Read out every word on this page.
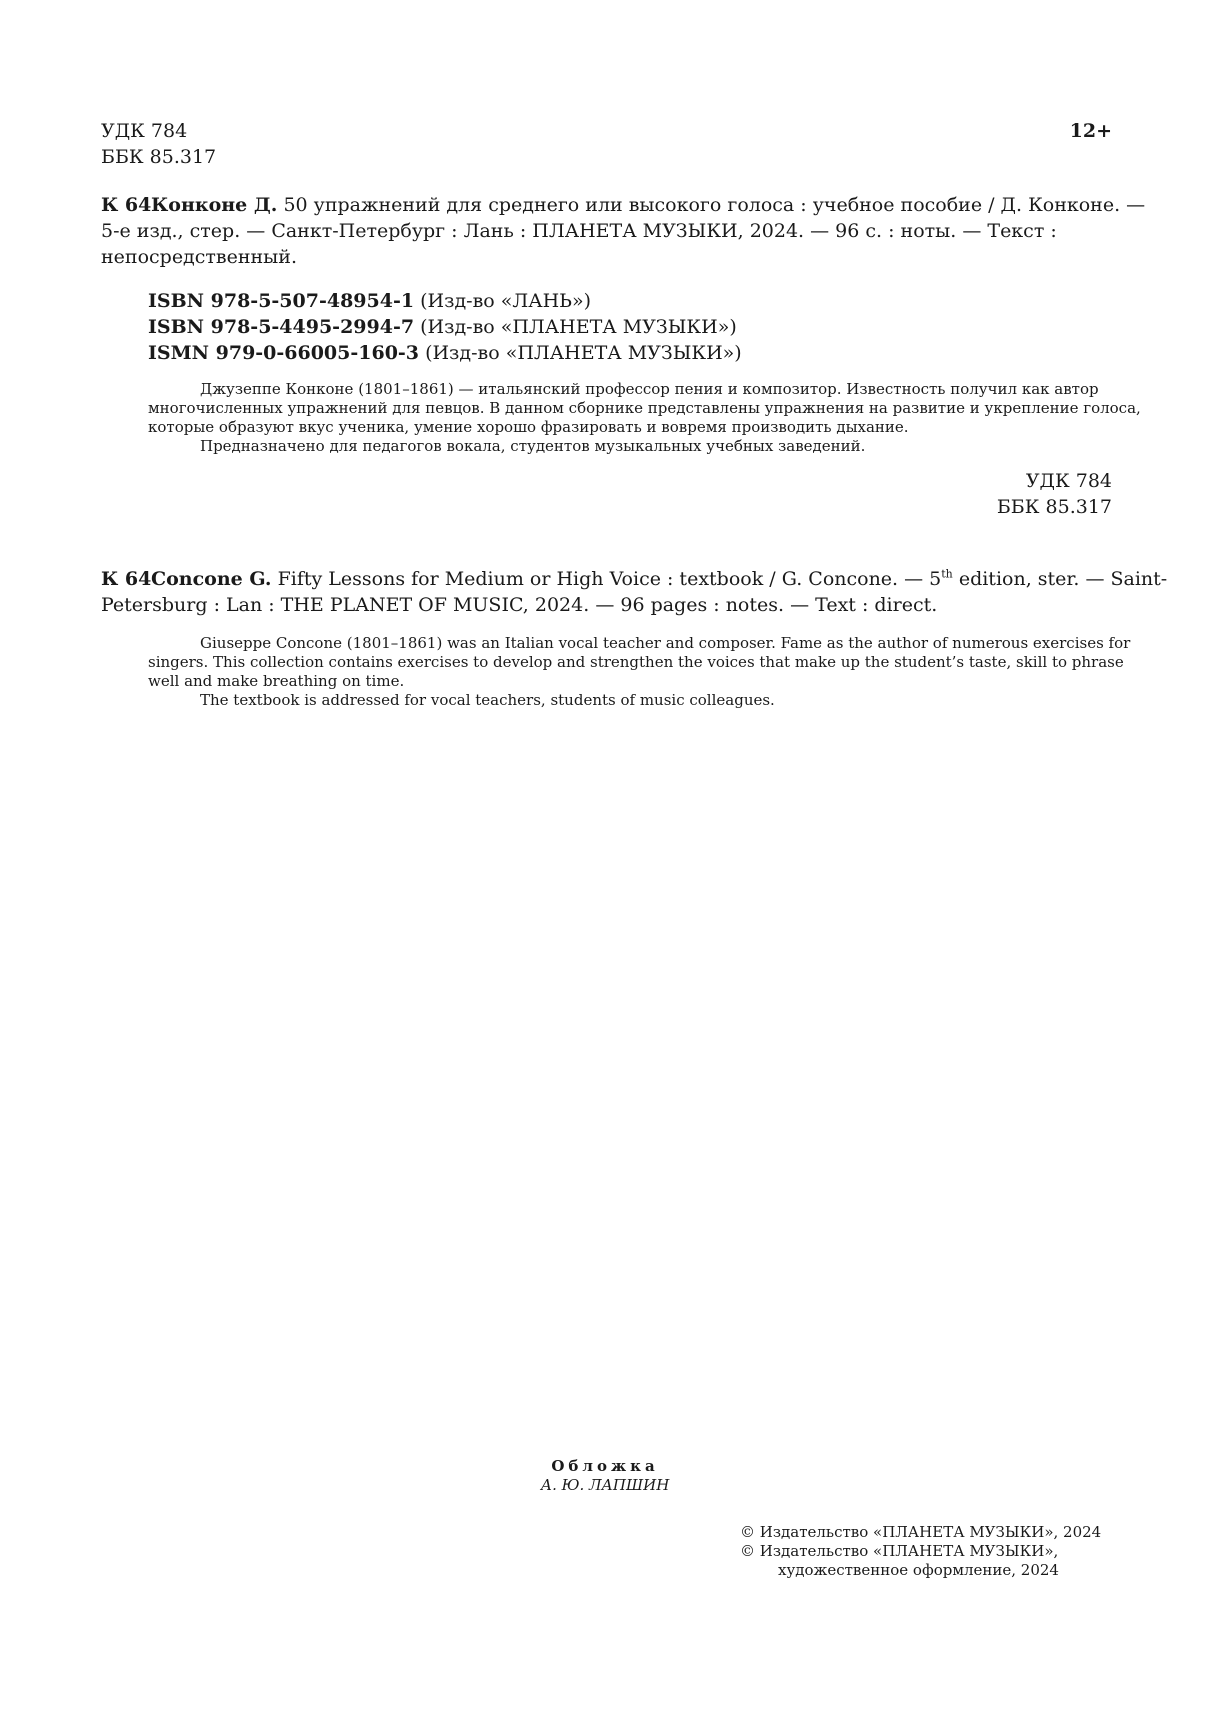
УДК 784
ББК 85.317
12+
К 64 Конконе Д. 50 упражнений для среднего или высокого голоса : учебное пособие / Д. Конконе. —
5-е изд., стер. — Санкт-Петербург : Лань : ПЛАНЕТА МУЗЫКИ, 2024. — 96 с. : ноты. — Текст :
непосредственный.
ISBN 978-5-507-48954-1 (Изд-во «ЛАНЬ»)
ISBN 978-5-4495-2994-7 (Изд-во «ПЛАНЕТА МУЗЫКИ»)
ISMN 979-0-66005-160-3 (Изд-во «ПЛАНЕТА МУЗЫКИ»)
Джузеппе Конконе (1801–1861) — итальянский профессор пения и композитор. Известность получил как автор
многочисленных упражнений для певцов. В данном сборнике представлены упражнения на развитие и укрепление голоса,
которые образуют вкус ученика, умение хорошо фразировать и вовремя производить дыхание.
Предназначено для педагогов вокала, студентов музыкальных учебных заведений.
УДК 784
ББК 85.317
К 64 Concone G. Fifty Lessons for Medium or High Voice : textbook / G. Concone. — 5th edition, ster. — Saint-
Petersburg : Lan : THE PLANET OF MUSIC, 2024. — 96 pages : notes. — Text : direct.
Giuseppe Concone (1801–1861) was an Italian vocal teacher and composer. Fame as the author of numerous exercises for
singers. This collection contains exercises to develop and strengthen the voices that make up the student’s taste, skill to phrase
well and make breathing on time.
The textbook is addressed for vocal teachers, students of music colleagues.
Обложка
А. Ю. ЛАПШИН
© Издательство «ПЛАНЕТА МУЗЫКИ», 2024
© Издательство «ПЛАНЕТА МУЗЫКИ»,
художественное оформление, 2024
